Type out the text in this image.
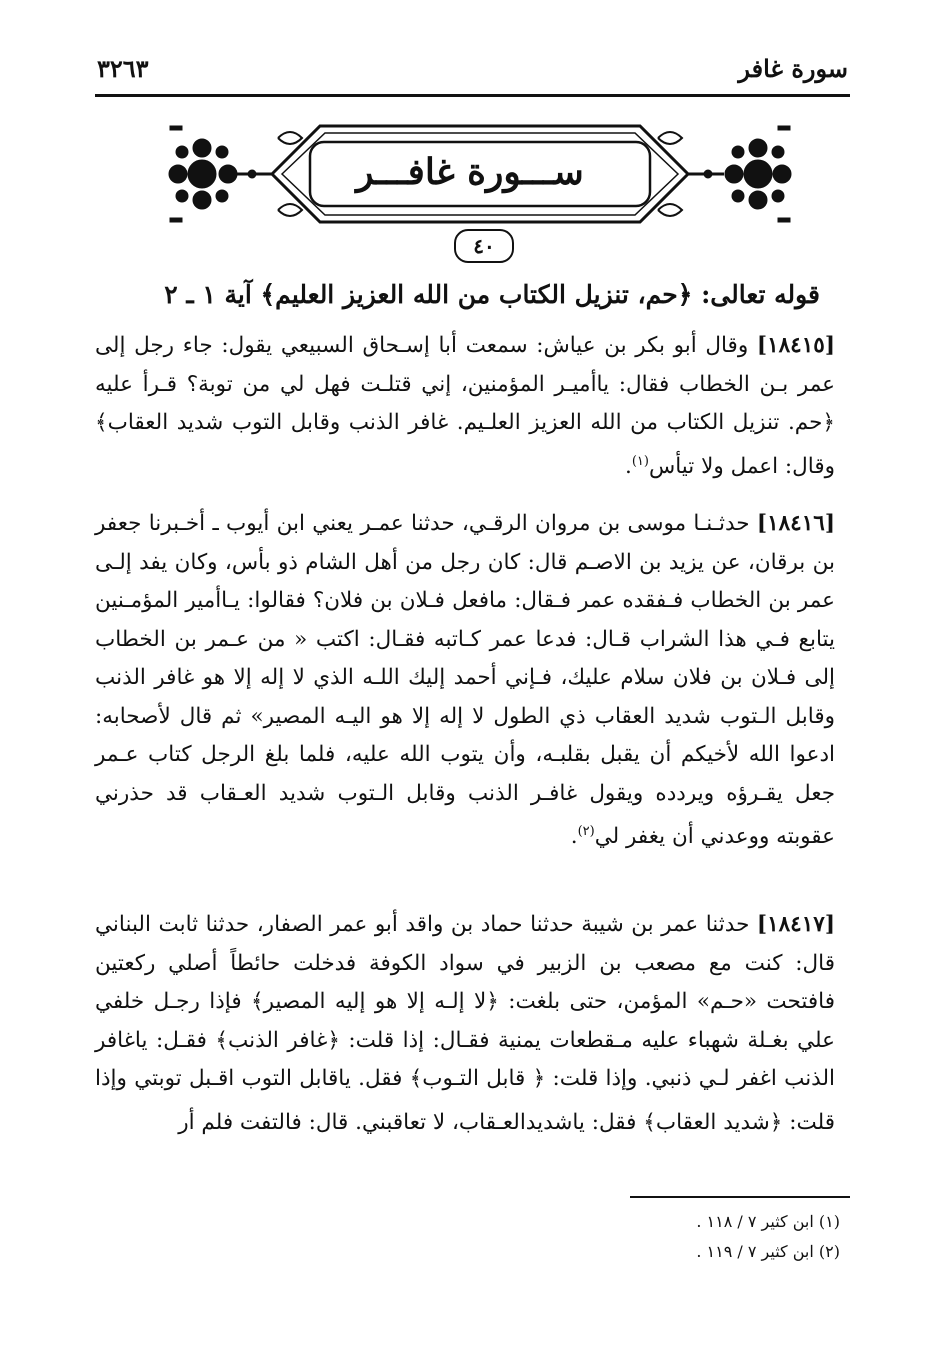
سورة غافر
٣٢٦٣
ســـورة غافـــر
٤٠
قوله تعالى: ﴿حم، تنزيل الكتاب من الله العزيز العليم﴾ آية ١ ـ ٢
[١٨٤١٥] وقال أبو بكر بن عياش: سمعت أبا إسـحاق السبيعي يقول: جاء رجل إلى عمر بـن الخطاب فقال: ياأميـر المؤمنين، إني قتلـت فهل لي من توبة؟ قـرأ عليه ﴿حم. تنزيل الكتاب من الله العزيز العلـيم. غافر الذنب وقابل التوب شديد العقاب﴾ وقال: اعمل ولا تيأس$^{(١)}$.
[١٨٤١٦] حدثـنـا موسى بن مروان الرقـي، حدثنا عمـر يعني ابن أيوب ـ أخـبرنا جعفر بن برقان، عن يزيد بن الاصـم قال: كان رجل من أهل الشام ذو بأس، وكان يفد إلـى عمر بن الخطاب فـفقده عمر فـقال: مافعل فـلان بن فلان؟ فقالوا: يـاأمير المؤمـنين يتابع فـي هذا الشراب قـال: فدعا عمر كـاتبه فقـال: اكتب « من عـمر بن الخطاب إلى فـلان بن فلان سلام عليك، فـإني أحمد إليك اللـه الذي لا إله إلا هو غافر الذنب وقابل الـتوب شديد العقاب ذي الطول لا إله إلا هو اليـه المصير» ثم قال لأصحابه: ادعوا الله لأخيكم أن يقبل بقلبـه، وأن يتوب الله عليه، فلما بلغ الرجل كتاب عـمر جعل يقـرؤه ويردده ويقول غافـر الذنب وقابل الـتوب شديد العـقاب قد حذرني عقوبته ووعدني أن يغفر لي$^{(٢)}$.
[١٨٤١٧] حدثنا عمر بن شيبة حدثنا حماد بن واقد أبو عمر الصفار، حدثنا ثابت البناني قال: كنت مع مصعب بن الزبير في سواد الكوفة فدخلت حائطاً أصلي ركعتين فافتحت «حـم» المؤمن، حتى بلغت: ﴿لا إلـه إلا هو إليه المصير﴾ فإذا رجـل خلفي علي بغـلة شهباء عليه مـقطعات يمنية فقـال: إذا قلت: ﴿غافر الذنب﴾ فقـل: ياغافر الذنب اغفر لـي ذنبي. وإذا قلت: ﴿ قابل التـوب﴾ فقل. ياقابل التوب اقـبل توبتي وإذا قلت: ﴿شديد العقاب﴾ فقل: ياشديدالعـقاب، لا تعاقبني. قال: فالتفت فلم أر
(١) ابن كثير ٧ / ١١٨ .
(٢) ابن كثير ٧ / ١١٩ .
